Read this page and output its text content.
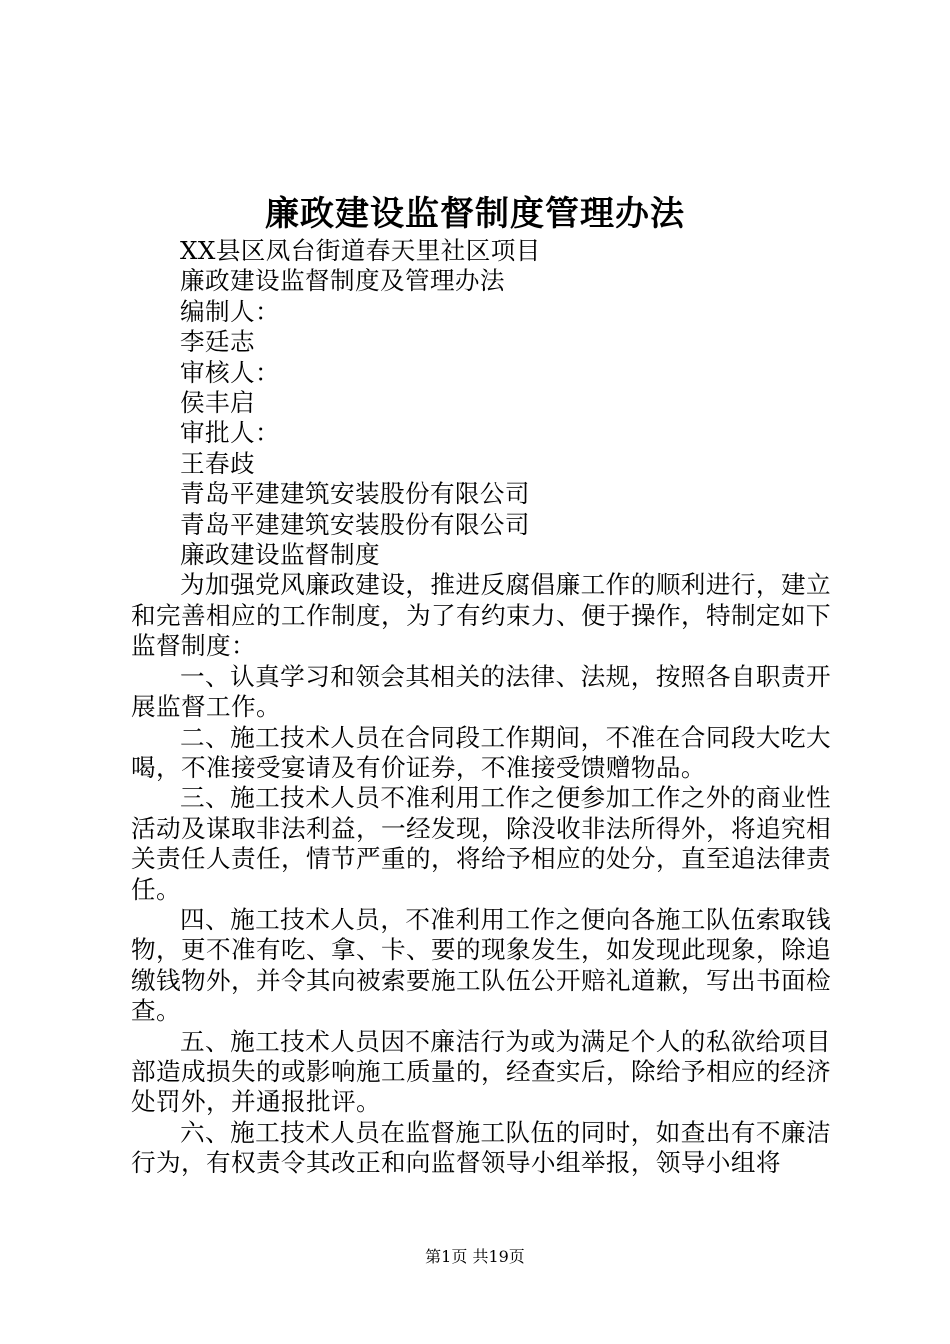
廉政建设监督制度管理办法
XX县区凤台街道春天里社区项目
廉政建设监督制度及管理办法
编制人：
李廷志
审核人：
侯丰启
审批人：
王春歧
青岛平建建筑安装股份有限公司
青岛平建建筑安装股份有限公司
廉政建设监督制度

为加强党风廉政建设，推进反腐倡廉工作的顺利进行，建立和完善相应的工作制度，为了有约束力、便于操作，特制定如下监督制度：

一、认真学习和领会其相关的法律、法规，按照各自职责开展监督工作。

二、施工技术人员在合同段工作期间，不准在合同段大吃大喝，不准接受宴请及有价证券，不准接受馈赠物品。

三、施工技术人员不准利用工作之便参加工作之外的商业性活动及谋取非法利益，一经发现，除没收非法所得外，将追究相关责任人责任，情节严重的，将给予相应的处分，直至追法律责任。

四、施工技术人员，不准利用工作之便向各施工队伍索取钱物，更不准有吃、拿、卡、要的现象发生，如发现此现象，除追缴钱物外，并令其向被索要施工队伍公开赔礼道歉，写出书面检查。

五、施工技术人员因不廉洁行为或为满足个人的私欲给项目部造成损失的或影响施工质量的，经查实后，除给予相应的经济处罚外，并通报批评。

六、施工技术人员在监督施工队伍的同时，如查出有不廉洁行为，有权责令其改正和向监督领导小组举报，领导小组将

第1页 共19页
